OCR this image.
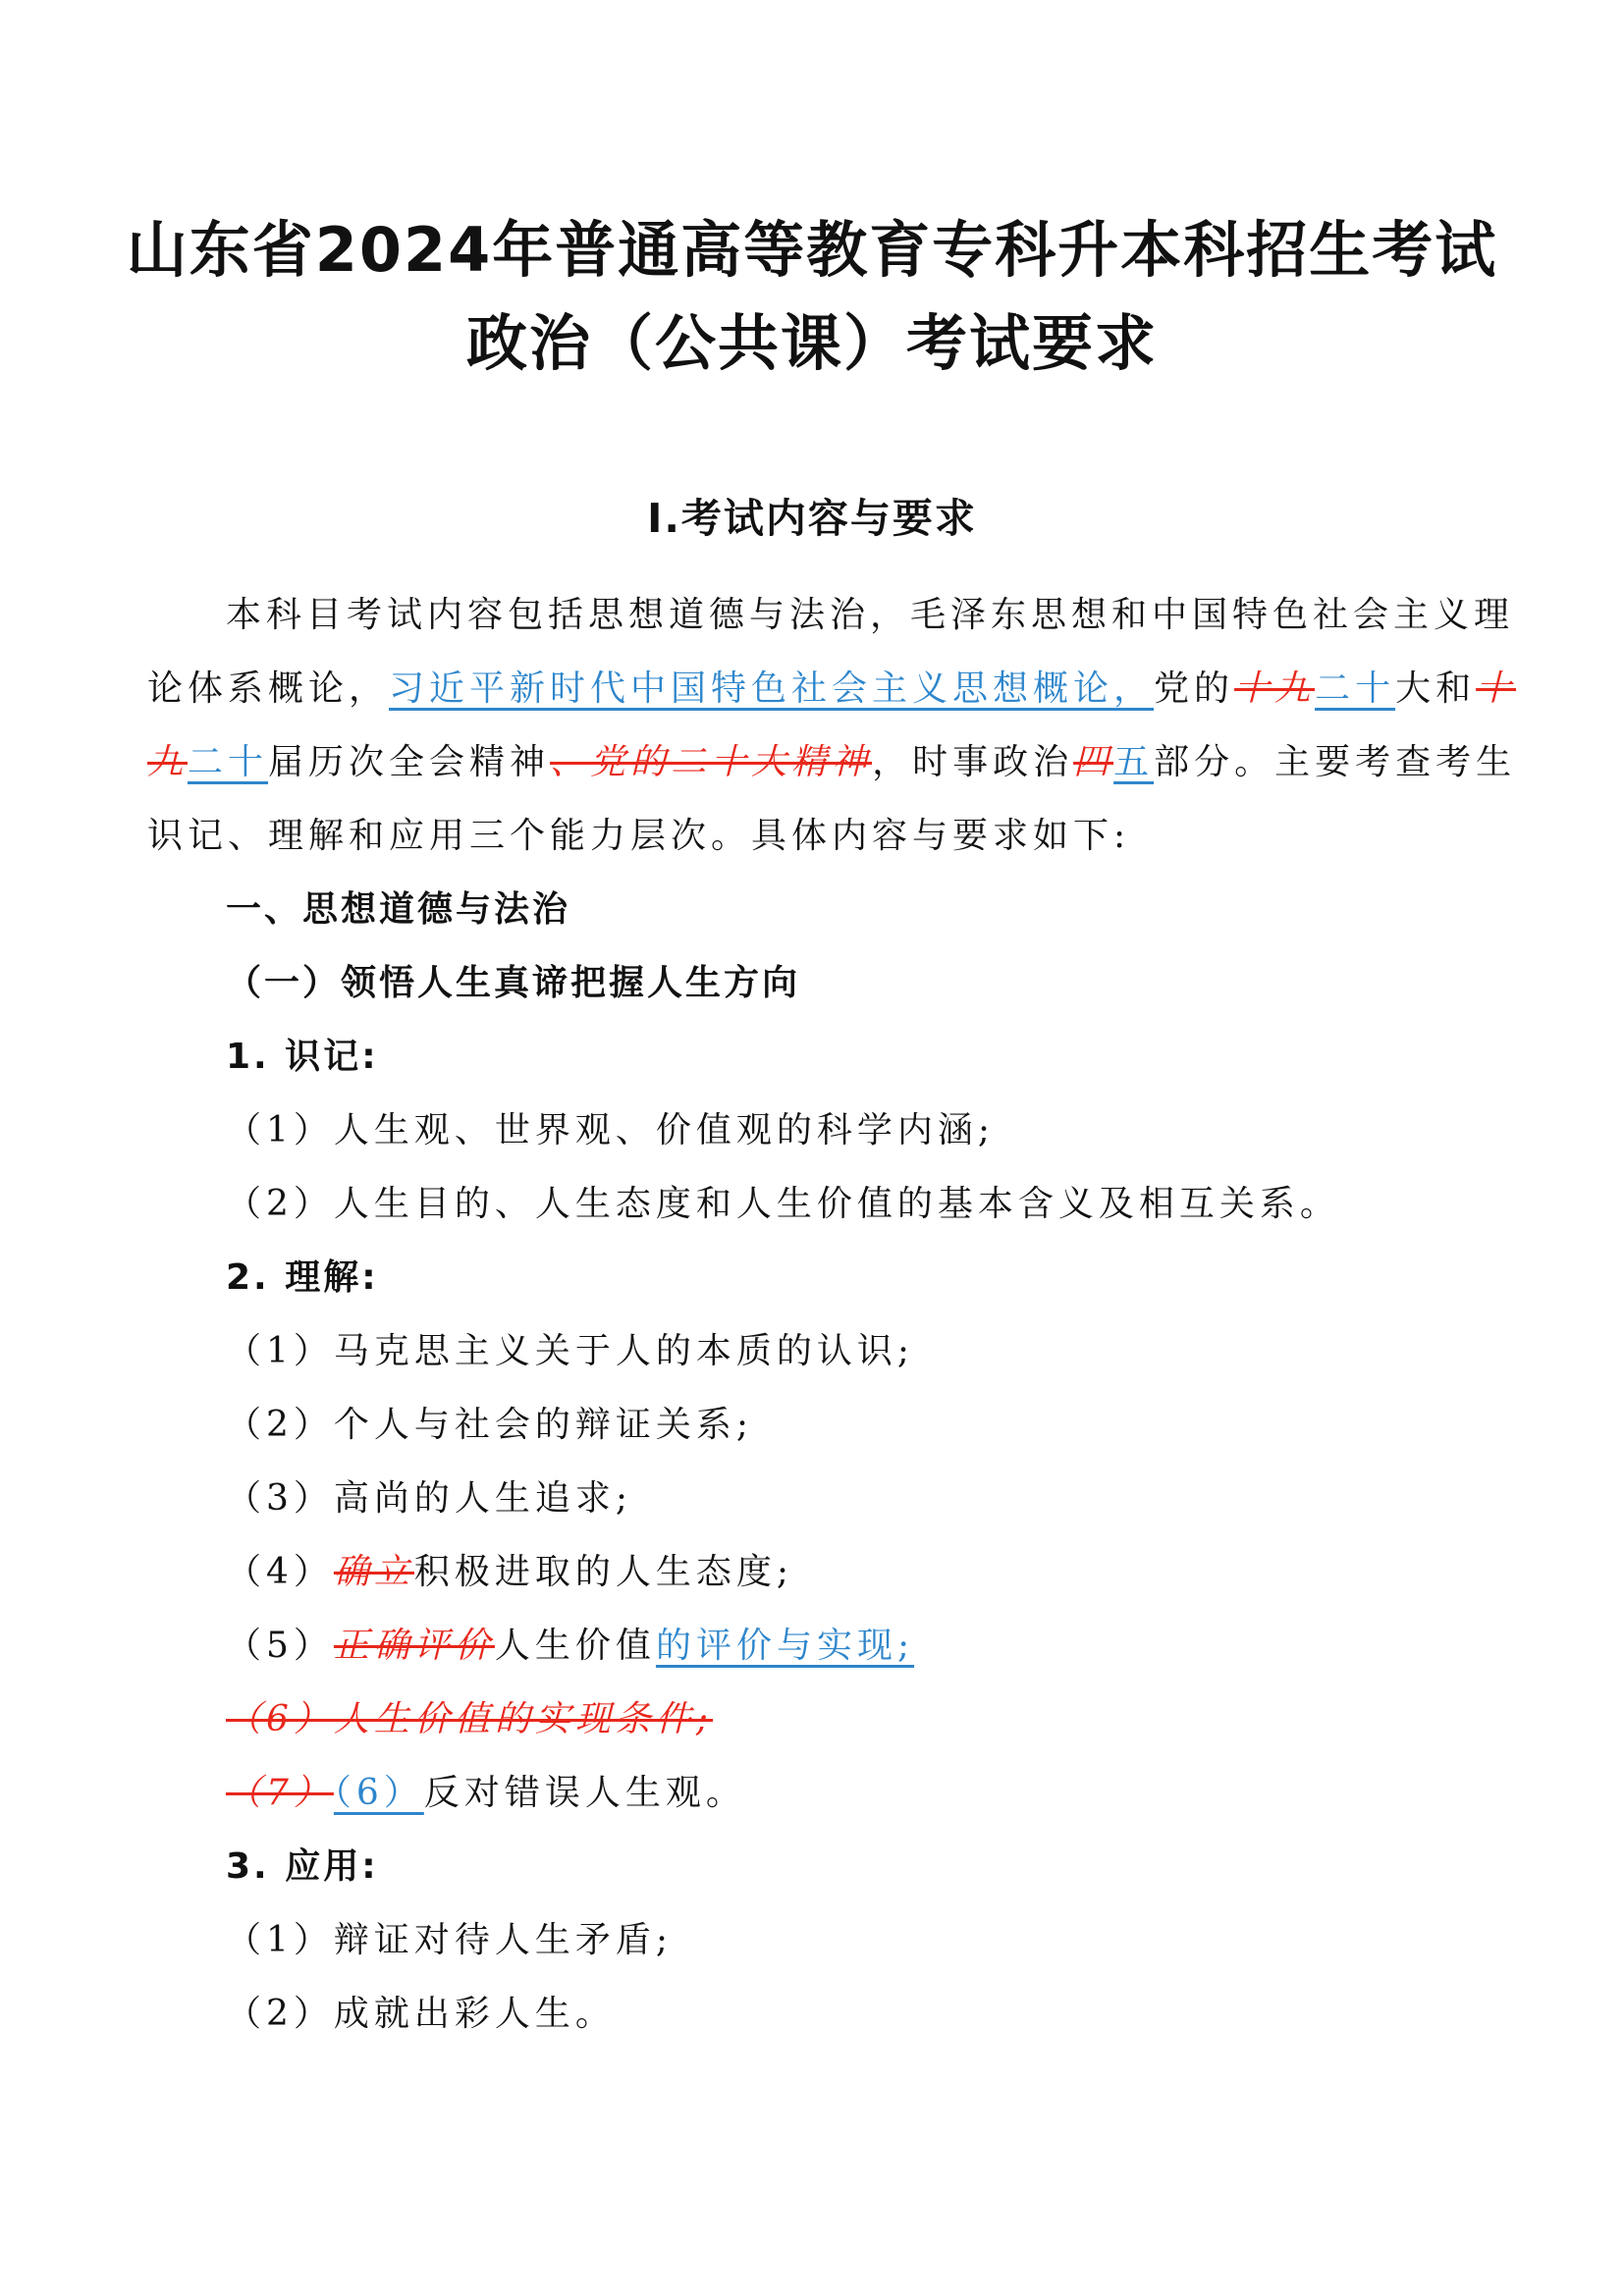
山东省2024年普通高等教育专科升本科招生考试
政治（公共课）考试要求
Ⅰ.考试内容与要求
本科目考试内容包括思想道德与法治，毛泽东思想和中国特色社会主义理
论体系概论，习近平新时代中国特色社会主义思想概论，党的十九二十大和十
九二十届历次全会精神、党的二十大精神，时事政治四五部分。主要考查考生
识记、理解和应用三个能力层次。具体内容与要求如下:
一、思想道德与法治
（一）领悟人生真谛把握人生方向
1. 识记:
（1）人生观、世界观、价值观的科学内涵;
（2）人生目的、人生态度和人生价值的基本含义及相互关系。
2. 理解:
（1）马克思主义关于人的本质的认识;
（2）个人与社会的辩证关系;
（3）高尚的人生追求;
（4）确立积极进取的人生态度;
（5）正确评价人生价值的评价与实现;
（6）人生价值的实现条件;
（7）（6）反对错误人生观。
3. 应用:
（1）辩证对待人生矛盾;
（2）成就出彩人生。
